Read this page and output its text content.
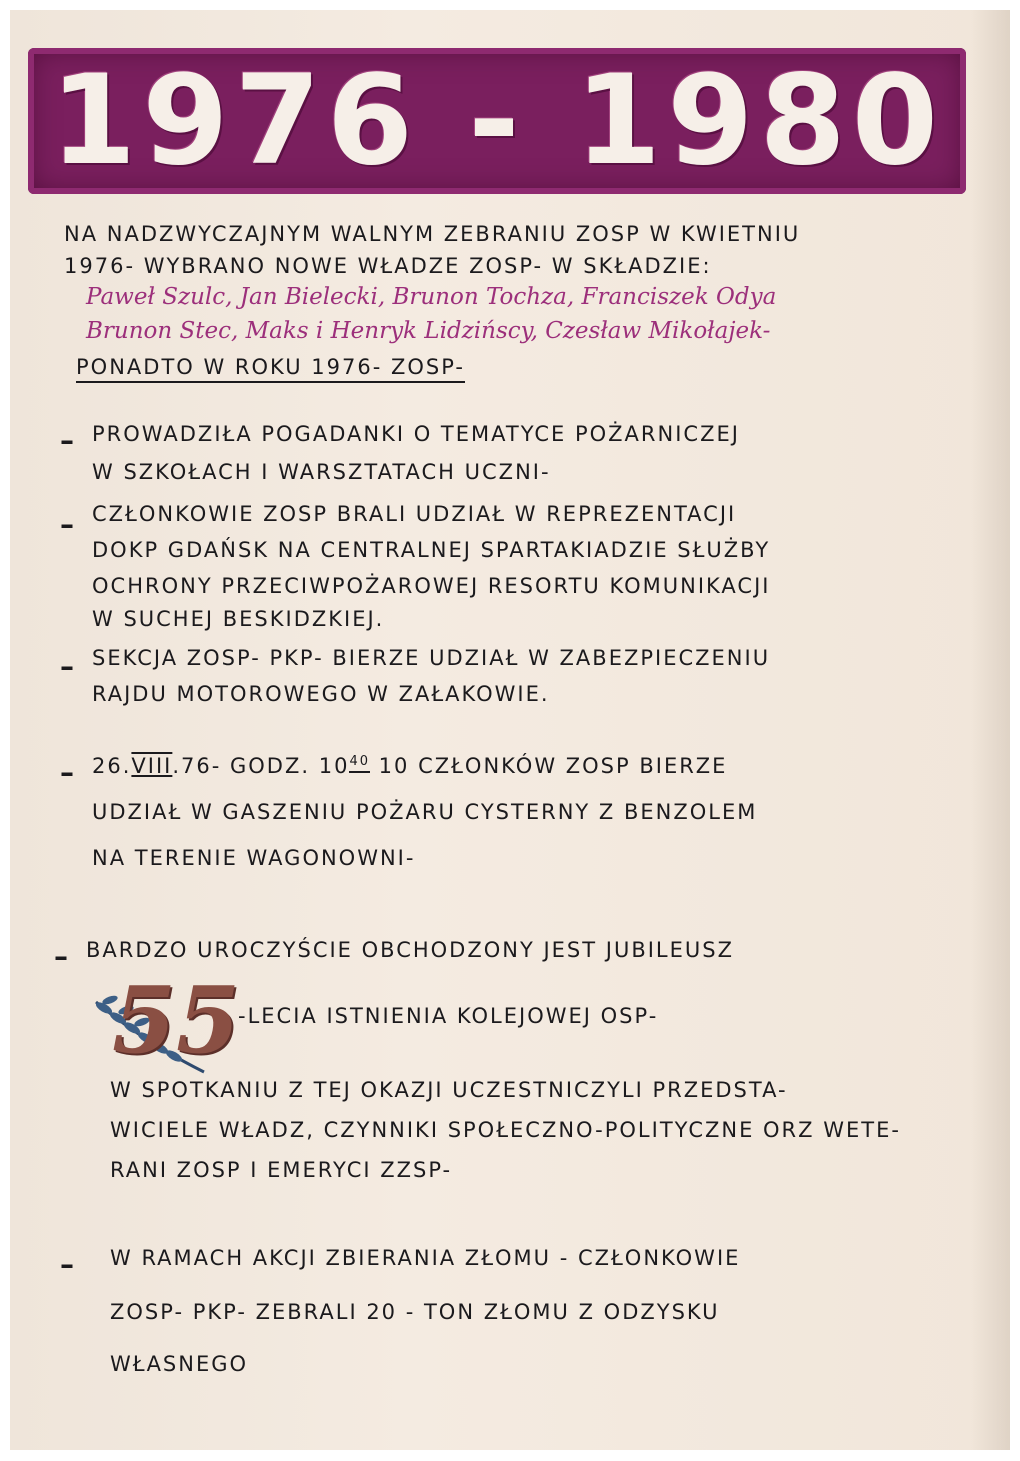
1976 - 1980
NA NADZWYCZAJNYM WALNYM ZEBRANIU ZOSP W KWIETNIU
1976- WYBRANO NOWE WŁADZE ZOSP- W SKŁADZIE:
Paweł Szulc, Jan Bielecki, Brunon Tochza, Franciszek Odya
Brunon Stec, Maks i Henryk Lidzińscy, Czesław Mikołajek-
PONADTO W ROKU 1976- ZOSP-
– PROWADZIŁA POGADANKI O TEMATYCE POŻARNICZEJ
W SZKOŁACH I WARSZTATACH UCZNI-
– CZŁONKOWIE ZOSP BRALI UDZIAŁ W REPREZENTACJI
DOKP GDAŃSK NA CENTRALNEJ SPARTAKIADZIE SŁUŻBY
OCHRONY PRZECIWPOŻAROWEJ RESORTU KOMUNIKACJI
W SUCHEJ BESKIDZKIEJ.
– SEKCJA ZOSP- PKP- BIERZE UDZIAŁ W ZABEZPIECZENIU
RAJDU MOTOROWEGO W ZAŁAKOWIE.
– 26.VIII.76- GODZ. $10^{40}$ 10 CZŁONKÓW ZOSP BIERZE
UDZIAŁ W GASZENIU POŻARU CYSTERNY Z BENZOLEM
NA TERENIE WAGONOWNI-
– BARDZO UROCZYŚCIE OBCHODZONY JEST JUBILEUSZ
55
-LECIA ISTNIENIA KOLEJOWEJ OSP-
W SPOTKANIU Z TEJ OKAZJI UCZESTNICZYLI PRZEDSTA-
WICIELE WŁADZ, CZYNNIKI SPOŁECZNO-POLITYCZNE ORZ WETE-
RANI ZOSP I EMERYCI ZZSP-
– W RAMACH AKCJI ZBIERANIA ZŁOMU - CZŁONKOWIE
ZOSP- PKP- ZEBRALI 20 - TON ZŁOMU Z ODZYSKU
WŁASNEGO
